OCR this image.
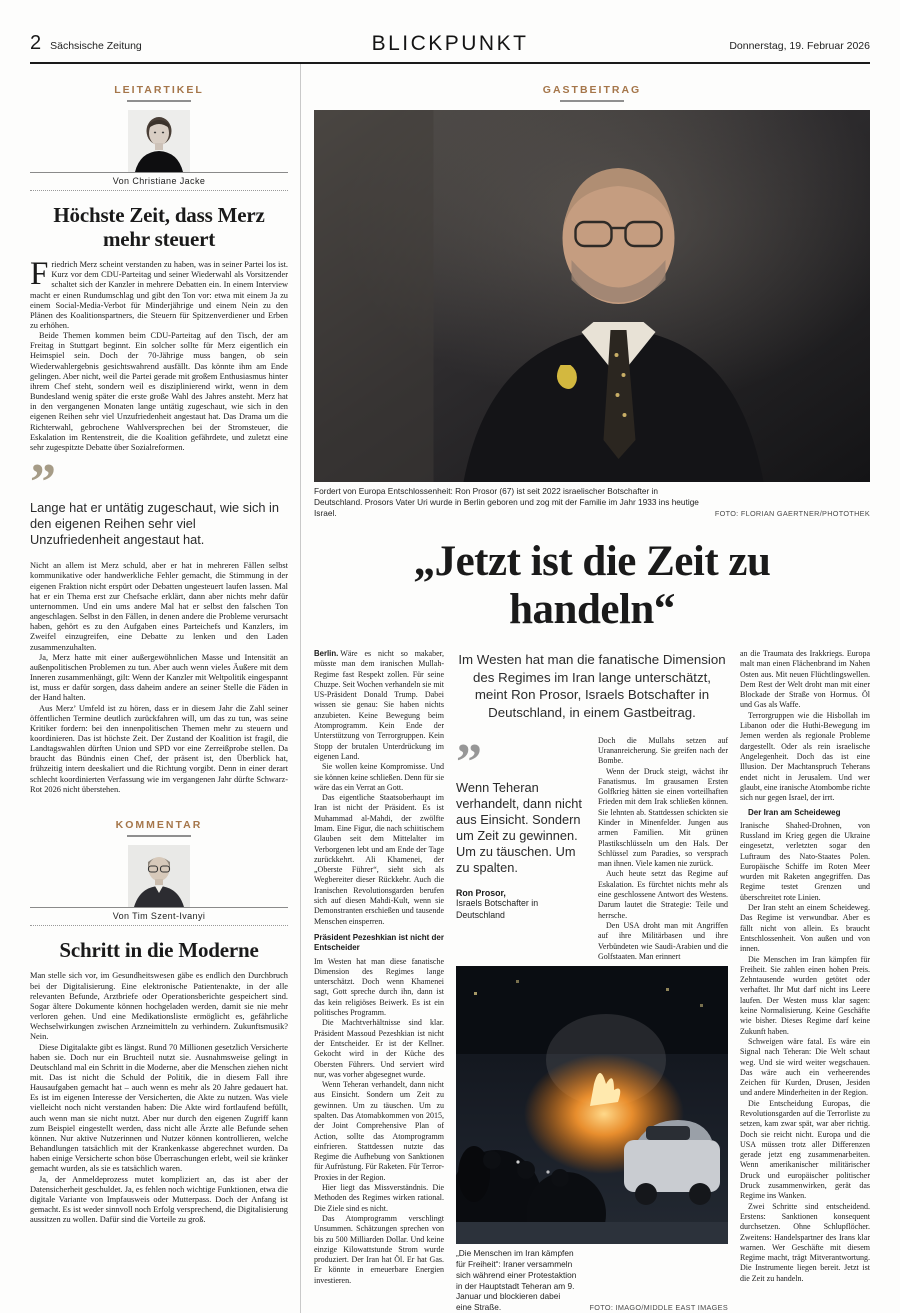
2 Sächsische Zeitung	BLICKPUNKT	Donnerstag, 19. Februar 2026
LEITARTIKEL
Von Christiane Jacke
Höchste Zeit, dass Merz mehr steuert

Friedrich Merz scheint verstanden zu haben, was in seiner Partei los ist. Kurz vor dem CDU-Parteitag und seiner Wiederwahl als Vorsitzender schaltet sich der Kanzler in mehrere Debatten ein. In einem Interview macht er einen Rundumschlag und gibt den Ton vor: etwa mit einem Ja zu einem Social-Media-Verbot für Minderjährige und einem Nein zu den Plänen des Koalitionspartners, die Steuern für Spitzenverdiener und Erben zu erhöhen.

Beide Themen kommen beim CDU-Parteitag auf den Tisch, der am Freitag in Stuttgart beginnt. Ein solcher sollte für Merz eigentlich ein Heimspiel sein. Doch der 70-Jährige muss bangen, ob sein Wiederwahlergebnis gesichtswahrend ausfällt. Das könnte ihm am Ende gelingen. Aber nicht, weil die Partei gerade mit großem Enthusiasmus hinter ihrem Chef steht, sondern weil es disziplinierend wirkt, wenn in dem Bundesland wenig später die erste große Wahl des Jahres ansteht. Merz hat in den vergangenen Monaten lange untätig zugeschaut, wie sich in den eigenen Reihen sehr viel Unzufriedenheit angestaut hat. Das Drama um die Richterwahl, gebrochene Wahlversprechen bei der Stromsteuer, die Eskalation im Rentenstreit, die die Koalition gefährdete, und zuletzt eine sehr zugespitzte Debatte über Sozialreformen.

”
Lange hat er untätig zugeschaut, wie sich in den eigenen Reihen sehr viel Unzufriedenheit angestaut hat.

Nicht an allem ist Merz schuld, aber er hat in mehreren Fällen selbst kommunikative oder handwerkliche Fehler gemacht, die Stimmung in der eigenen Fraktion nicht erspürt oder Debatten ungesteuert laufen lassen. Mal hat er ein Thema erst zur Chefsache erklärt, dann aber nichts mehr dafür unternommen. Und ein ums andere Mal hat er selbst den falschen Ton angeschlagen. Selbst in den Fällen, in denen andere die Probleme verursacht haben, gehört es zu den Aufgaben eines Parteichefs und Kanzlers, im Zweifel einzugreifen, eine Debatte zu lenken und den Laden zusammenzuhalten.

Ja, Merz hatte mit einer außergewöhnlichen Masse und Intensität an außenpolitischen Problemen zu tun. Aber auch wenn vieles Äußere mit dem Inneren zusammenhängt, gilt: Wenn der Kanzler mit Weltpolitik eingespannt ist, muss er dafür sorgen, dass daheim andere an seiner Stelle die Fäden in der Hand halten.

Aus Merz’ Umfeld ist zu hören, dass er in diesem Jahr die Zahl seiner öffentlichen Termine deutlich zurückfahren will, um das zu tun, was seine Kritiker fordern: bei den innenpolitischen Themen mehr zu steuern und koordinieren. Das ist höchste Zeit. Der Zustand der Koalition ist fragil, die Landtagswahlen dürften Union und SPD vor eine Zerreißprobe stellen. Da braucht das Bündnis einen Chef, der präsent ist, den Überblick hat, frühzeitig intern deeskaliert und die Richtung vorgibt. Denn in einer derart schlecht koordinierten Verfassung wie im vergangenen Jahr dürfte Schwarz-Rot 2026 nicht überstehen.

KOMMENTAR
Von Tim Szent-Ivanyi
Schritt in die Moderne

Man stelle sich vor, im Gesundheitswesen gäbe es endlich den Durchbruch bei der Digitalisierung. Eine elektronische Patientenakte, in der alle relevanten Befunde, Arztbriefe oder Operationsberichte gespeichert sind. Sogar ältere Dokumente können hochgeladen werden, damit sie nie mehr verloren gehen. Und eine Medikationsliste ermöglicht es, gefährliche Wechselwirkungen zwischen Arzneimitteln zu verhindern. Zukunftsmusik? Nein.

Diese Digitalakte gibt es längst. Rund 70 Millionen gesetzlich Versicherte haben sie. Doch nur ein Bruchteil nutzt sie. Ausnahmsweise gelingt in Deutschland mal ein Schritt in die Moderne, aber die Menschen ziehen nicht mit. Das ist nicht die Schuld der Politik, die in diesem Fall ihre Hausaufgaben gemacht hat – auch wenn es mehr als 20 Jahre gedauert hat. Es ist im eigenen Interesse der Versicherten, die Akte zu nutzen. Was viele vielleicht noch nicht verstanden haben: Die Akte wird fortlaufend befüllt, auch wenn man sie nicht nutzt. Aber nur durch den eigenen Zugriff kann zum Beispiel eingestellt werden, dass nicht alle Ärzte alle Befunde sehen können. Nur aktive Nutzerinnen und Nutzer können kontrollieren, welche Behandlungen tatsächlich mit der Krankenkasse abgerechnet wurden. Da haben einige Versicherte schon böse Überraschungen erlebt, weil sie kränker gemacht wurden, als sie es tatsächlich waren.

Ja, der Anmeldeprozess mutet kompliziert an, das ist aber der Datensicherheit geschuldet. Ja, es fehlen noch wichtige Funktionen, etwa die digitale Variante von Impfausweis oder Mutterpass. Doch der Anfang ist gemacht. Es ist weder sinnvoll noch Erfolg versprechend, die Digitalisierung aussitzen zu wollen. Dafür sind die Vorteile zu groß.

GASTBEITRAG
Fordert von Europa Entschlossenheit: Ron Prosor (67) ist seit 2022 israelischer Botschafter in Deutschland. Prosors Vater Uri wurde in Berlin geboren und zog mit der Familie im Jahr 1933 ins heutige Israel.	FOTO: FLORIAN GAERTNER/PHOTOTHEK
„Jetzt ist die Zeit zu handeln“

Berlin. Wäre es nicht so makaber, müsste man dem iranischen Mullah-Regime fast Respekt zollen. Für seine Chuzpe. Seit Wochen verhandeln sie mit US-Präsident Donald Trump. Dabei wissen sie genau: Sie haben nichts anzubieten. Keine Bewegung beim Atomprogramm. Kein Ende der Unterstützung von Terrorgruppen. Kein Stopp der brutalen Unterdrückung im eigenen Land.

Sie wollen keine Kompromisse. Und sie können keine schließen. Denn für sie wäre das ein Verrat an Gott.

Das eigentliche Staatsoberhaupt im Iran ist nicht der Präsident. Es ist Muhammad al-Mahdi, der zwölfte Imam. Eine Figur, die nach schiitischem Glauben seit dem Mittelalter im Verborgenen lebt und am Ende der Tage zurückkehrt. Ali Khamenei, der „Oberste Führer“, sieht sich als Wegbereiter dieser Rückkehr. Auch die Iranischen Revolutionsgarden berufen sich auf diesen Mahdi-Kult, wenn sie Demonstranten erschießen und tausende Menschen einsperren.

Präsident Pezeshkian ist nicht der Entscheider

Im Westen hat man diese fanatische Dimension des Regimes lange unterschätzt. Doch wenn Khamenei sagt, Gott spreche durch ihn, dann ist das kein religiöses Beiwerk. Es ist ein politisches Programm.

Die Machtverhältnisse sind klar. Präsident Massoud Pezeshkian ist nicht der Entscheider. Er ist der Kellner. Gekocht wird in der Küche des Obersten Führers. Und serviert wird nur, was vorher abgesegnet wurde.

Wenn Teheran verhandelt, dann nicht aus Einsicht. Sondern um Zeit zu gewinnen. Um zu täuschen. Um zu spalten. Das Atomabkommen von 2015, der Joint Comprehensive Plan of Action, sollte das Atomprogramm einfrieren. Stattdessen nutzte das Regime die Aufhebung von Sanktionen für Aufrüstung. Für Raketen. Für Terror-Proxies in der Region.

Hier liegt das Missverständnis. Die Methoden des Regimes wirken rational. Die Ziele sind es nicht.

Das Atomprogramm verschlingt Unsummen. Schätzungen sprechen von bis zu 500 Milliarden Dollar. Und keine einzige Kilowattstunde Strom wurde produziert. Der Iran hat Öl. Er hat Gas. Er könnte in erneuerbare Energien investieren.

Im Westen hat man die fanatische Dimension des Regimes im Iran lange unterschätzt, meint Ron Prosor, Israels Botschafter in Deutschland, in einem Gastbeitrag.
”
Wenn Teheran verhandelt, dann nicht aus Einsicht. Sondern um Zeit zu gewinnen. Um zu täuschen. Um zu spalten.
Ron Prosor,
Israels Botschafter in Deutschland

Doch die Mullahs setzen auf Urananreicherung. Sie greifen nach der Bombe.

Wenn der Druck steigt, wächst ihr Fanatismus. Im grausamen Ersten Golfkrieg hätten sie einen vorteilhaften Frieden mit dem Irak schließen können. Sie lehnten ab. Stattdessen schickten sie Kinder in Minenfelder. Jungen aus armen Familien. Mit grünen Plastikschlüsseln um den Hals. Der Schlüssel zum Paradies, so versprach man ihnen. Viele kamen nie zurück.

Auch heute setzt das Regime auf Eskalation. Es fürchtet nichts mehr als eine geschlossene Antwort des Westens. Darum lautet die Strategie: Teile und herrsche.

Den USA droht man mit Angriffen auf ihre Militärbasen und ihre Verbündeten wie Saudi-Arabien und die Golfstaaten. Man erinnert

„Die Menschen im Iran kämpfen für Freiheit“: Iraner versammeln sich während einer Protestaktion in der Hauptstadt Teheran am 9. Januar und blockieren dabei eine Straße.	FOTO: IMAGO/MIDDLE EAST IMAGES

an die Traumata des Irakkriegs. Europa malt man einen Flächenbrand im Nahen Osten aus. Mit neuen Flüchtlingswellen. Dem Rest der Welt droht man mit einer Blockade der Straße von Hormus. Öl und Gas als Waffe.

Terrorgruppen wie die Hisbollah im Libanon oder die Huthi-Bewegung im Jemen werden als regionale Probleme dargestellt. Oder als rein israelische Angelegenheit. Doch das ist eine Illusion. Der Machtanspruch Teherans endet nicht in Jerusalem. Und wer glaubt, eine iranische Atombombe richte sich nur gegen Israel, der irrt.

Der Iran am Scheideweg

Iranische Shahed-Drohnen, von Russland im Krieg gegen die Ukraine eingesetzt, verletzten sogar den Luftraum des Nato-Staates Polen. Europäische Schiffe im Roten Meer wurden mit Raketen angegriffen. Das Regime testet Grenzen und überschreitet rote Linien.

Der Iran steht an einem Scheideweg. Das Regime ist verwundbar. Aber es fällt nicht von allein. Es braucht Entschlossenheit. Von außen und von innen.

Die Menschen im Iran kämpfen für Freiheit. Sie zahlen einen hohen Preis. Zehntausende wurden getötet oder verhaftet. Ihr Mut darf nicht ins Leere laufen. Der Westen muss klar sagen: keine Normalisierung. Keine Geschäfte wie bisher. Dieses Regime darf keine Zukunft haben.

Schweigen wäre fatal. Es wäre ein Signal nach Teheran: Die Welt schaut weg. Und sie wird weiter wegschauen. Das wäre auch ein verheerendes Zeichen für Kurden, Drusen, Jesiden und andere Minderheiten in der Region.

Die Entscheidung Europas, die Revolutionsgarden auf die Terrorliste zu setzen, kam zwar spät, war aber richtig. Doch sie reicht nicht. Europa und die USA müssen trotz aller Differenzen gerade jetzt eng zusammenarbeiten. Wenn amerikanischer militärischer Druck und europäischer politischer Druck zusammenwirken, gerät das Regime ins Wanken.

Zwei Schritte sind entscheidend. Erstens: Sanktionen konsequent durchsetzen. Ohne Schlupflöcher. Zweitens: Handelspartner des Irans klar warnen. Wer Geschäfte mit diesem Regime macht, trägt Mitverantwortung. Die Instrumente liegen bereit. Jetzt ist die Zeit zu handeln.
